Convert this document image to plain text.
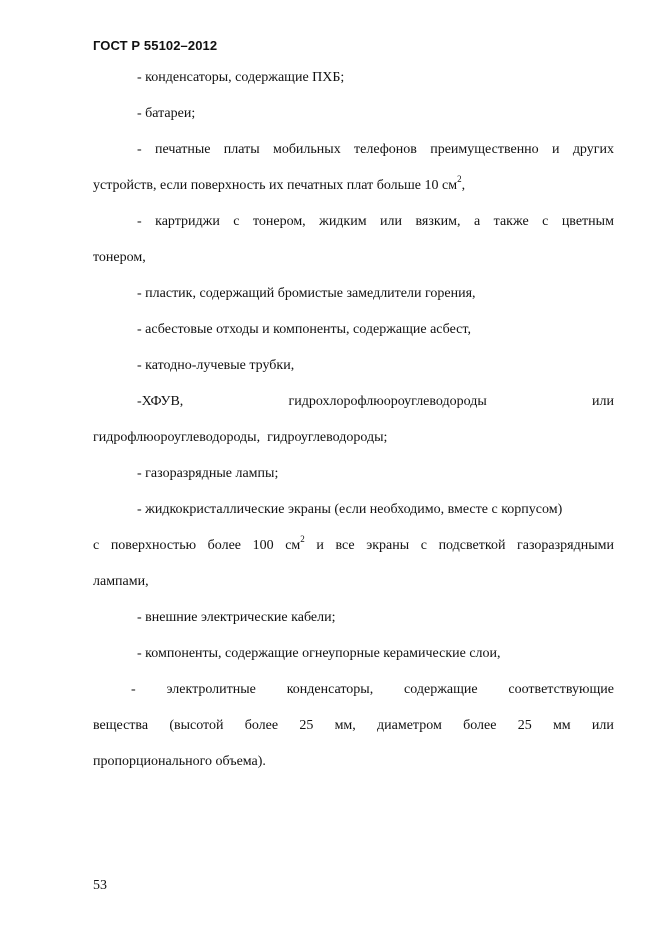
ГОСТ Р 55102–2012
- конденсаторы, содержащие ПХБ;
- батареи;
- печатные платы мобильных телефонов преимущественно и других
устройств, если поверхность их печатных плат больше 10 $см^2$,
- картриджи с тонером, жидким или вязким, а также с цветным
тонером,
- пластик, содержащий бромистые замедлители горения,
- асбестовые отходы и компоненты, содержащие асбест,
- катодно-лучевые трубки,
-ХФУВ,	гидрохлорофлюороуглеводороды	или
гидрофлюороуглеводороды,  гидроуглеводороды;
- газоразрядные лампы;
- жидкокристаллические экраны (если необходимо, вместе с корпусом)
с поверхностью более 100 $см^2$ и все экраны с подсветкой газоразрядными
лампами,
- внешние электрические кабели;
- компоненты, содержащие огнеупорные керамические слои,
- электролитные конденсаторы, содержащие соответствующие
вещества (высотой более 25 мм, диаметром более 25 мм или
пропорционального объема).
53
